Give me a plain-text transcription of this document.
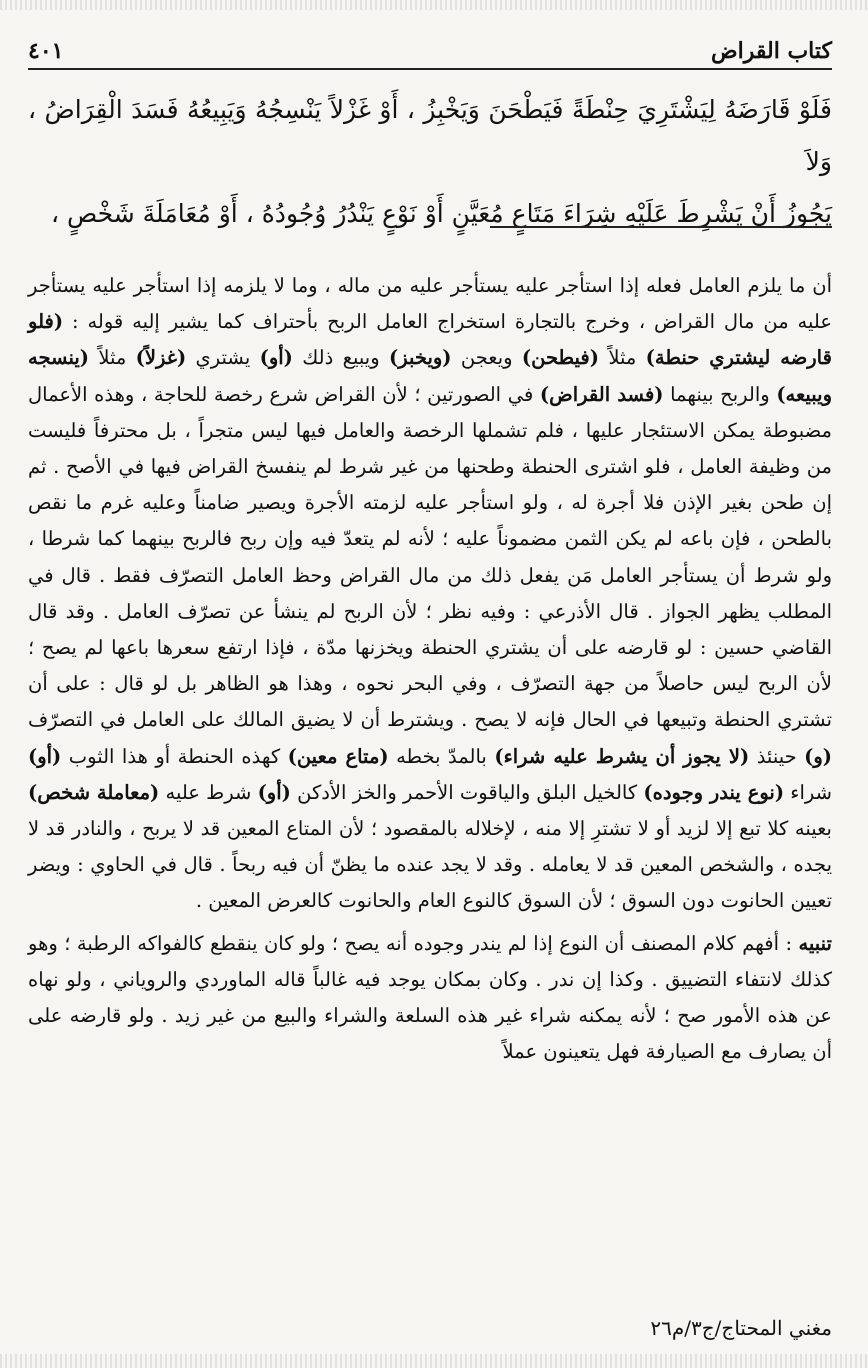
كتاب القراض
٤٠١

فَلَوْ قَارَضَهُ لِيَشْتَرِيَ حِنْطَةً فَيَطْحَنَ وَيَخْبِزُ ، أَوْ غَزْلاً يَنْسِجُهُ وَيَبِيعُهُ فَسَدَ الْقِرَاضُ ، وَلاَ

يَجُوزُ أَنْ يَشْرِطَ عَلَيْهِ شِرَاءَ مَتَاعٍ مُعَيَّنٍ أَوْ نَوْعٍ يَنْدُرُ وُجُودُهُ ، أَوْ مُعَامَلَةَ شَخْصٍ ،

أن ما يلزم العامل فعله إذا استأجر عليه يستأجر عليه من ماله ، وما لا يلزمه إذا استأجر عليه يستأجر عليه من مال القراض ، وخرج بالتجارة استخراج العامل الربح بأحتراف كما يشير إليه قوله : (فلو قارضه ليشتري حنطة) مثلاً (فيطحن) ويعجن (ويخبز) ويبيع ذلك (أو) يشتري (غزلاً) مثلاً (ينسجه ويبيعه) والربح بينهما (فسد القراض) في الصورتين ؛ لأن القراض شرع رخصة للحاجة ، وهذه الأعمال مضبوطة يمكن الاستئجار عليها ، فلم تشملها الرخصة والعامل فيها ليس متجراً ، بل محترفاً فليست من وظيفة العامل ، فلو اشترى الحنطة وطحنها من غير شرط لم ينفسخ القراض فيها في الأصح . ثم إن طحن بغير الإذن فلا أجرة له ، ولو استأجر عليه لزمته الأجرة ويصير ضامناً وعليه غرم ما نقص بالطحن ، فإن باعه لم يكن الثمن مضموناً عليه ؛ لأنه لم يتعدّ فيه وإن ربح فالربح بينهما كما شرطا ، ولو شرط أن يستأجر العامل مَن يفعل ذلك من مال القراض وحظ العامل التصرّف فقط . قال في المطلب يظهر الجواز . قال الأذرعي : وفيه نظر ؛ لأن الربح لم ينشأ عن تصرّف العامل . وقد قال القاضي حسين : لو قارضه على أن يشتري الحنطة ويخزنها مدّة ، فإذا ارتفع سعرها باعها لم يصح ؛ لأن الربح ليس حاصلاً من جهة التصرّف ، وفي البحر نحوه ، وهذا هو الظاهر بل لو قال : على أن تشتري الحنطة وتبيعها في الحال فإنه لا يصح . ويشترط أن لا يضيق المالك على العامل في التصرّف (و) حينئذ (لا يجوز أن يشرط عليه شراء) بالمدّ بخطه (متاع معين) كهذه الحنطة أو هذا الثوب (أو) شراء (نوع يندر وجوده) كالخيل البلق والياقوت الأحمر والخز الأدكن (أو) شرط عليه (معاملة شخص) بعينه كلا تبع إلا لزيد أو لا تشترِ إلا منه ، لإخلاله بالمقصود ؛ لأن المتاع المعين قد لا يربح ، والنادر قد لا يجده ، والشخص المعين قد لا يعامله . وقد لا يجد عنده ما يظنّ أن فيه ربحاً . قال في الحاوي : ويضر تعيين الحانوت دون السوق ؛ لأن السوق كالنوع العام والحانوت كالعرض المعين .

تنبيه : أفهم كلام المصنف أن النوع إذا لم يندر وجوده أنه يصح ؛ ولو كان ينقطع كالفواكه الرطبة ؛ وهو كذلك لانتفاء التضييق . وكذا إن ندر . وكان بمكان يوجد فيه غالباً قاله الماوردي والروياني ، ولو نهاه عن هذه الأمور صح ؛ لأنه يمكنه شراء غير هذه السلعة والشراء والبيع من غير زيد . ولو قارضه على أن يصارف مع الصيارفة فهل يتعينون عملاً

مغني المحتاج/ج٣/م٢٦
